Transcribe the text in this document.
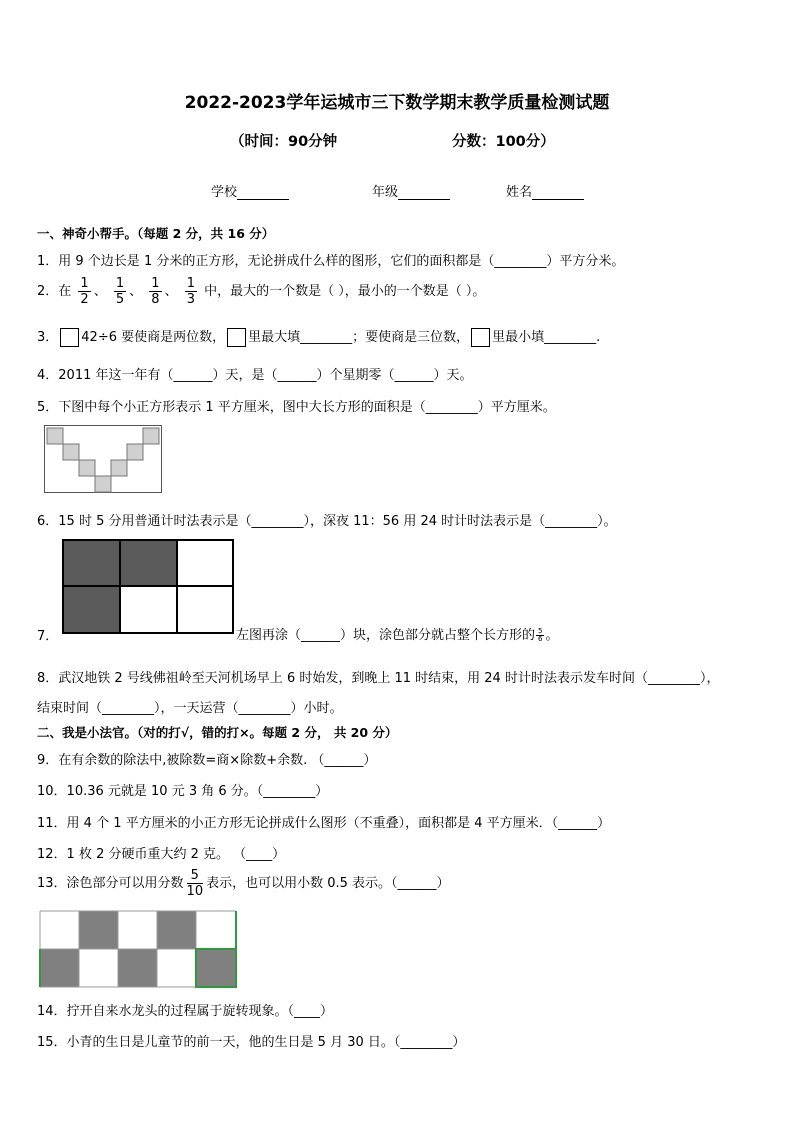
2022-2023学年运城市三下数学期末教学质量检测试题
（时间：90分钟	分数：100分）
学校	年级	姓名
一、神奇小帮手。（每题 2 分，共 16 分）
1．用 9 个边长是 1 分米的正方形，无论拼成什么样的图形，它们的面积都是（________）平方分米。
2．在 $\frac{1}{2}$ 、 $\frac{1}{5}$ 、 $\frac{1}{8}$ 、 $\frac{1}{3}$ 中，最大的一个数是（ ），最小的一个数是（ ）。
3． 42÷6 要使商是两位数， 里最大填________；要使商是三位数， 里最小填________.
4．2011 年这一年有（______）天，是（______）个星期零（______）天。
5．下图中每个小正方形表示 1 平方厘米，图中大长方形的面积是（________）平方厘米。
6．15 时 5 分用普通计时法表示是（________），深夜 11：56 用 24 时计时法表示是（________）。
7．	左图再涂（______）块，涂色部分就占整个长方形的 $\frac{5}{6}$ 。
8．武汉地铁 2 号线佛祖岭至天河机场早上 6 时始发，到晚上 11 时结束，用 24 时计时法表示发车时间（________），
结束时间（________），一天运营（________）小时。
二、我是小法官。（对的打√，错的打×。每题 2 分， 共 20 分）
9．在有余数的除法中,被除数=商×除数+余数. （______）
10．10.36 元就是 10 元 3 角 6 分。（________）
11．用 4 个 1 平方厘米的小正方形无论拼成什么图形（不重叠），面积都是 4 平方厘米．（______）
12．1 枚 2 分硬币重大约 2 克。 （____）
13．涂色部分可以用分数 $\frac{5}{10}$ 表示，也可以用小数 0.5 表示。（______）
14．拧开自来水龙头的过程属于旋转现象。（____）
15．小青的生日是儿童节的前一天，他的生日是 5 月 30 日。（________）
